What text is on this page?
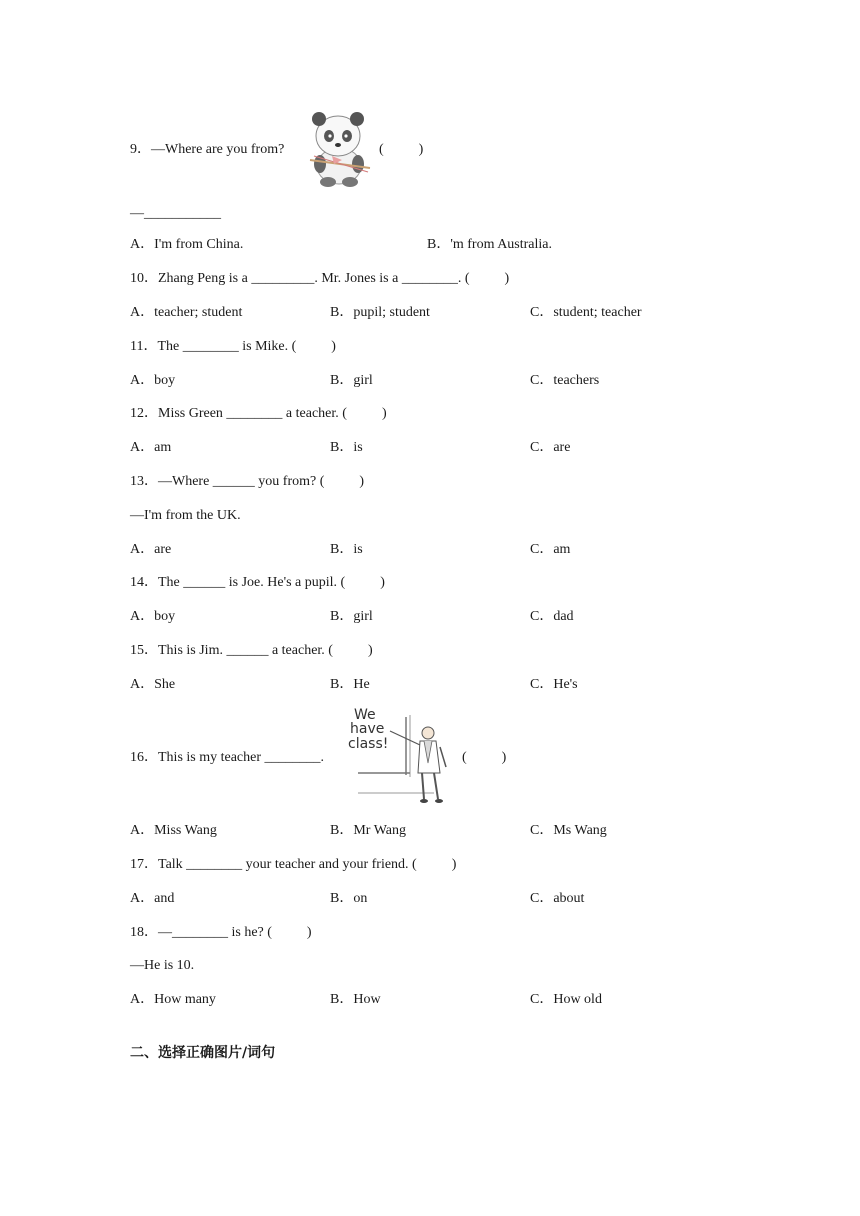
9．—Where are you from?	(          )
—___________
A．I'm from China.	B．'m from Australia.
10．Zhang Peng is a _________. Mr. Jones is a ________. (          )
A．teacher; student	B．pupil; student	C．student; teacher
11．The ________ is Mike. (          )
A．boy	B．girl	C．teachers
12．Miss Green ________ a teacher. (          )
A．am	B．is	C．are
13．—Where ______ you from? (          )
—I'm from the UK.
A．are	B．is	C．am
14．The ______ is Joe. He's a pupil. (          )
A．boy	B．girl	C．dad
15．This is Jim. ______ a teacher. (          )
A．She	B．He	C．He's
16．This is my teacher ________.
We
have
class!
(          )
A．Miss Wang	B．Mr Wang	C．Ms Wang
17．Talk ________ your teacher and your friend. (          )
A．and	B．on	C．about
18．—________ is he? (          )
—He is 10.
A．How many	B．How	C．How old
二、选择正确图片/词句
